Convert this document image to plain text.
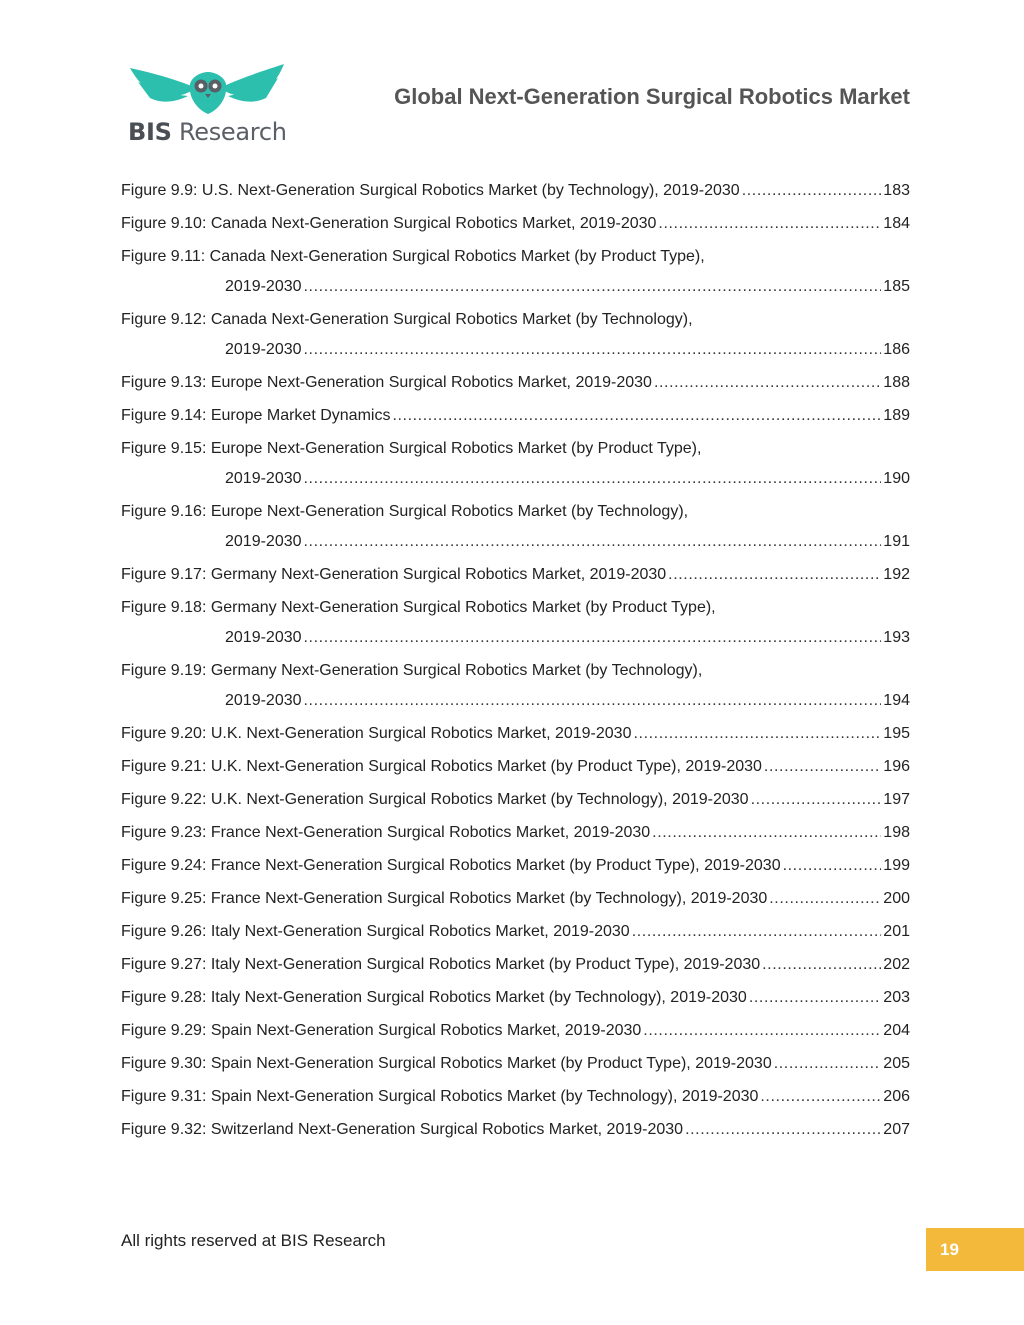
BIS Research
Global Next-Generation Surgical Robotics Market
Figure 9.9: U.S. Next-Generation Surgical Robotics Market (by Technology), 2019-2030 .....	183
Figure 9.10: Canada Next-Generation Surgical Robotics Market, 2019-2030 .....	184
Figure 9.11: Canada Next-Generation Surgical Robotics Market (by Product Type),
2019-2030 .....	185
Figure 9.12: Canada Next-Generation Surgical Robotics Market (by Technology),
2019-2030 .....	186
Figure 9.13: Europe Next-Generation Surgical Robotics Market, 2019-2030 .....	188
Figure 9.14: Europe Market Dynamics .....	189
Figure 9.15: Europe Next-Generation Surgical Robotics Market (by Product Type),
2019-2030 .....	190
Figure 9.16: Europe Next-Generation Surgical Robotics Market (by Technology),
2019-2030 .....	191
Figure 9.17: Germany Next-Generation Surgical Robotics Market, 2019-2030 .....	192
Figure 9.18: Germany Next-Generation Surgical Robotics Market (by Product Type),
2019-2030 .....	193
Figure 9.19: Germany Next-Generation Surgical Robotics Market (by Technology),
2019-2030 .....	194
Figure 9.20: U.K. Next-Generation Surgical Robotics Market, 2019-2030 .....	195
Figure 9.21: U.K. Next-Generation Surgical Robotics Market (by Product Type), 2019-2030 .....	196
Figure 9.22: U.K. Next-Generation Surgical Robotics Market (by Technology), 2019-2030 .....	197
Figure 9.23: France Next-Generation Surgical Robotics Market, 2019-2030 .....	198
Figure 9.24: France Next-Generation Surgical Robotics Market (by Product Type), 2019-2030 .....	199
Figure 9.25: France Next-Generation Surgical Robotics Market (by Technology), 2019-2030 .....	200
Figure 9.26: Italy Next-Generation Surgical Robotics Market, 2019-2030 .....	201
Figure 9.27: Italy Next-Generation Surgical Robotics Market (by Product Type), 2019-2030 .....	202
Figure 9.28: Italy Next-Generation Surgical Robotics Market (by Technology), 2019-2030 .....	203
Figure 9.29: Spain Next-Generation Surgical Robotics Market, 2019-2030 .....	204
Figure 9.30: Spain Next-Generation Surgical Robotics Market (by Product Type), 2019-2030 .....	205
Figure 9.31: Spain Next-Generation Surgical Robotics Market (by Technology), 2019-2030 .....	206
Figure 9.32: Switzerland Next-Generation Surgical Robotics Market, 2019-2030 .....	207
All rights reserved at BIS Research	19
